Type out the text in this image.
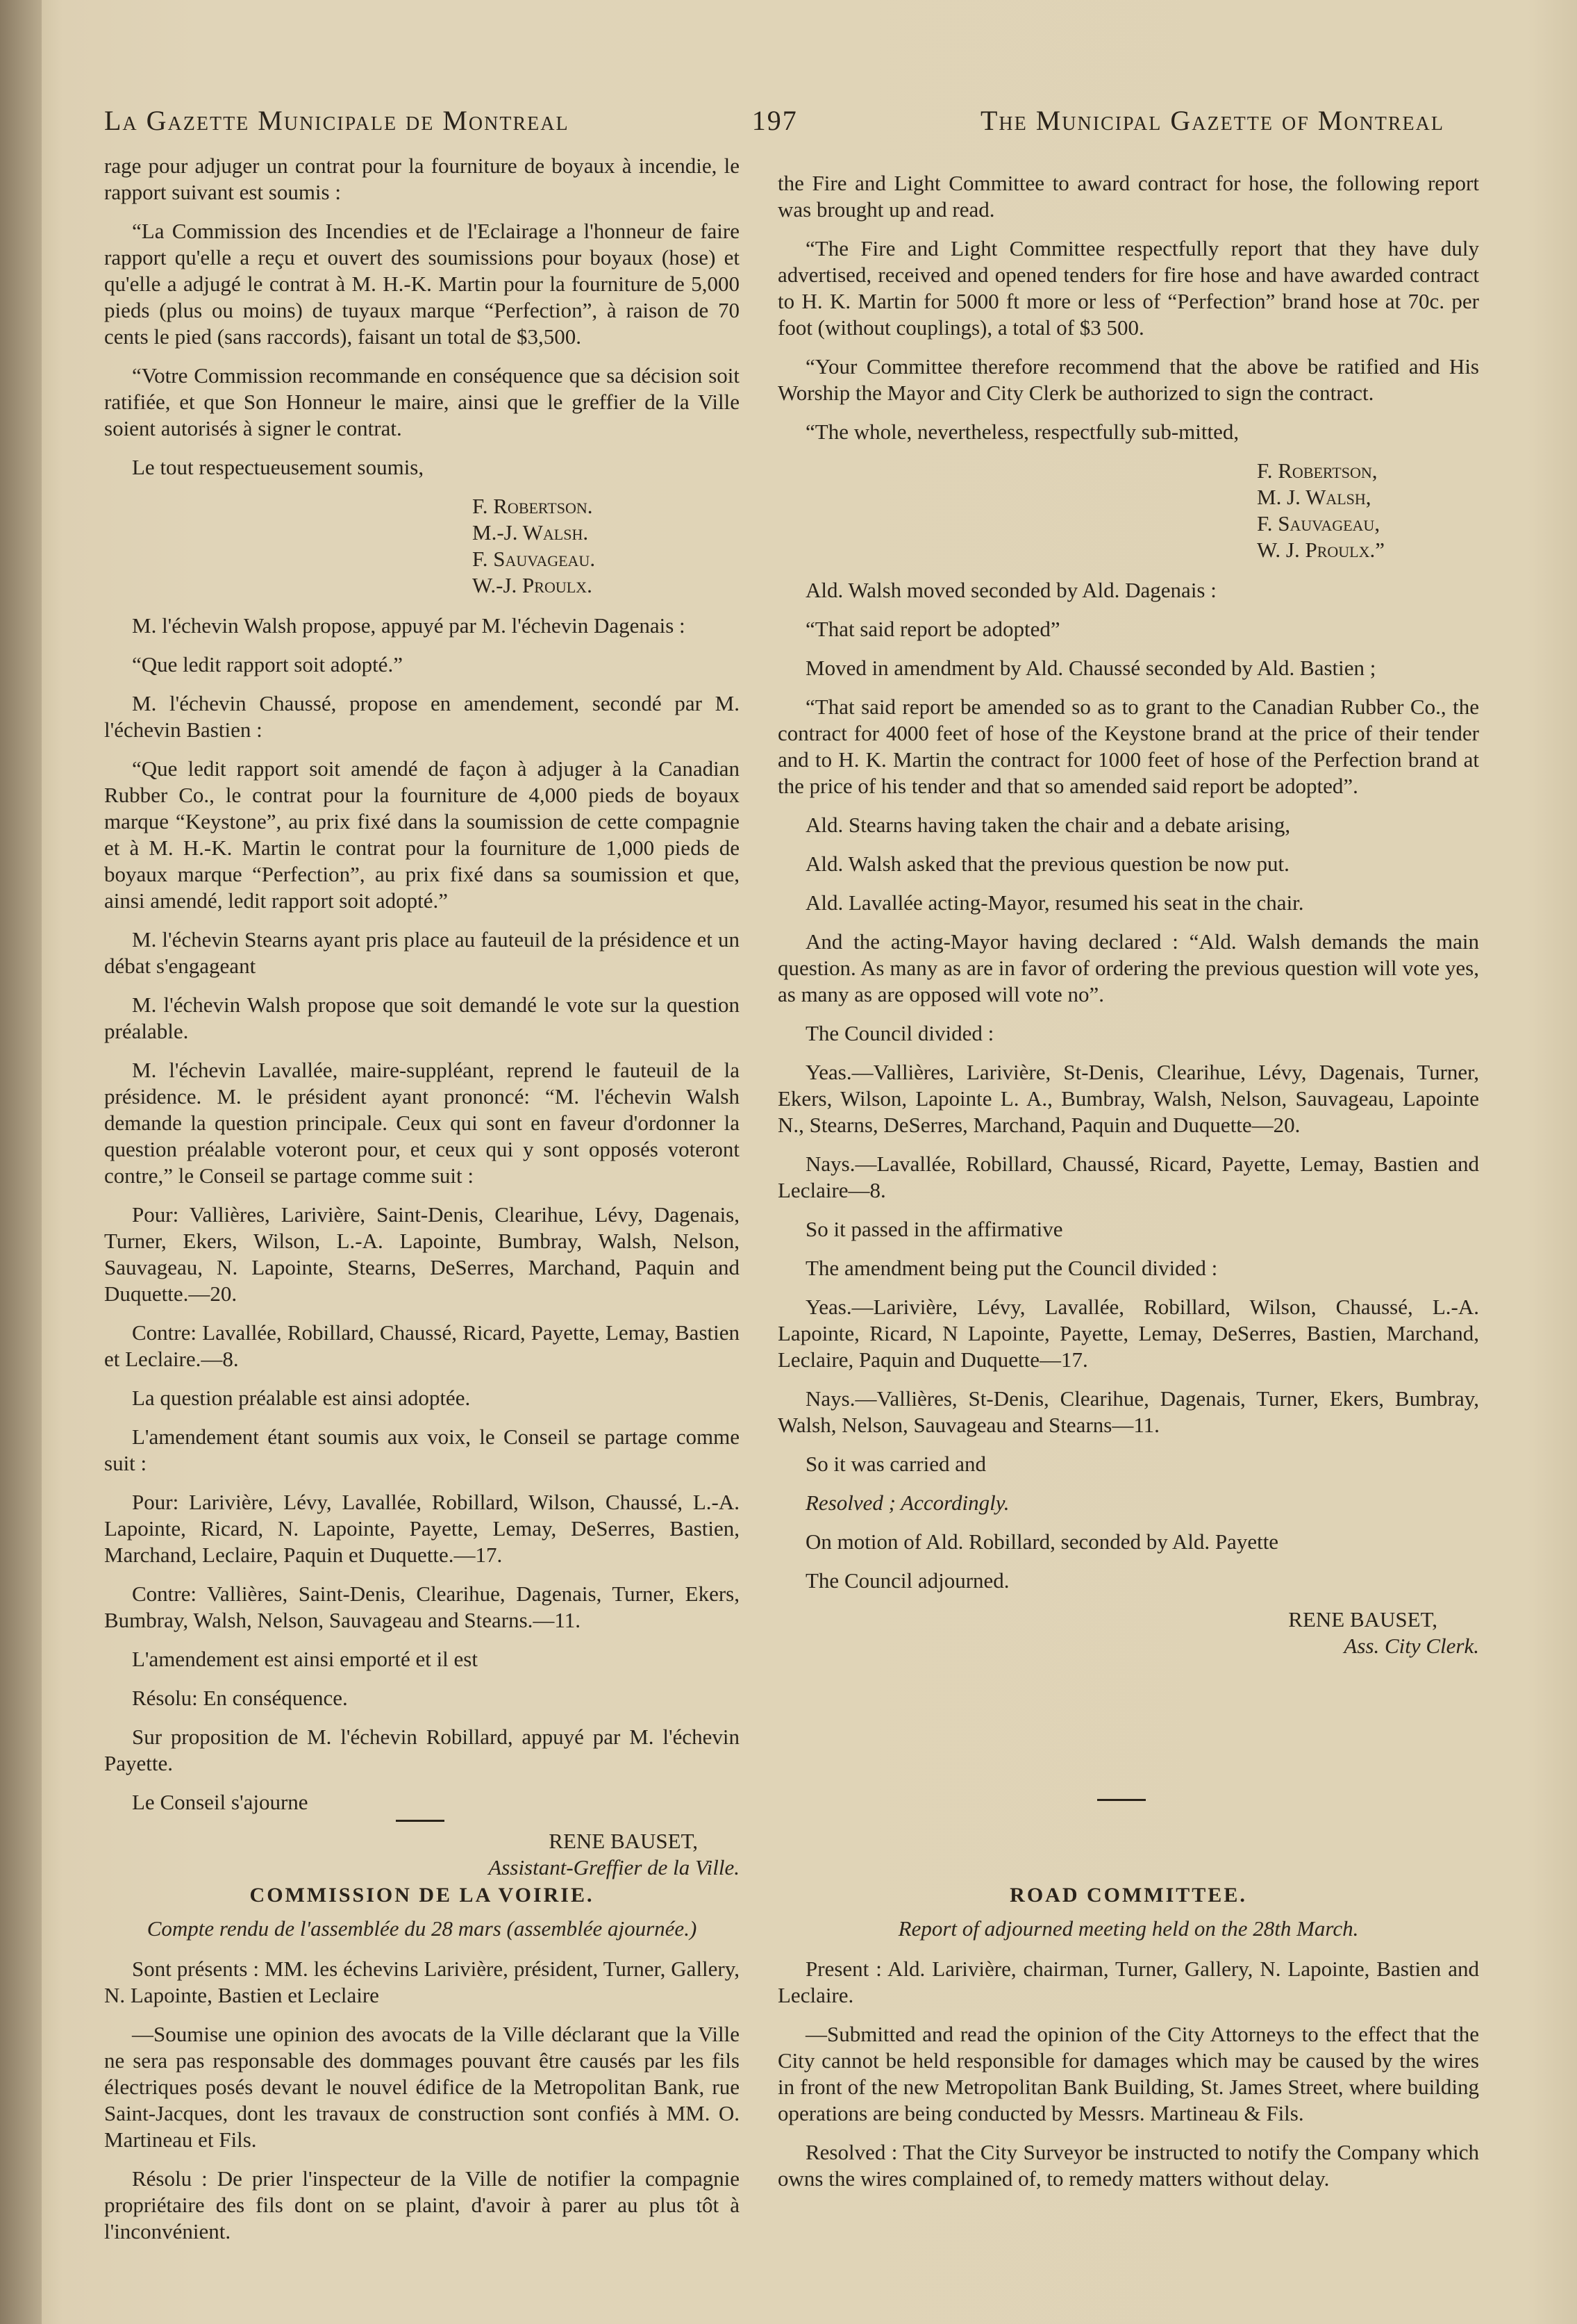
La Gazette Municipale de Montreal	197	The Municipal Gazette of Montreal

rage pour adjuger un contrat pour la fourniture de boyaux à incendie, le rapport suivant est soumis :

“La Commission des Incendies et de l'Eclairage a l'honneur de faire rapport qu'elle a reçu et ouvert des soumissions pour boyaux (hose) et qu'elle a adjugé le contrat à M. H.-K. Martin pour la fourniture de 5,000 pieds (plus ou moins) de tuyaux marque “Perfection”, à raison de 70 cents le pied (sans raccords), faisant un total de $3,500.

“Votre Commission recommande en conséquence que sa décision soit ratifiée, et que Son Honneur le maire, ainsi que le greffier de la Ville soient autorisés à signer le contrat.

Le tout respectueusement soumis,

F. Robertson.
M.-J. Walsh.
F. Sauvageau.
W.-J. Proulx.

M. l'échevin Walsh propose, appuyé par M. l'échevin Dagenais :

“Que ledit rapport soit adopté.”

M. l'échevin Chaussé, propose en amendement, secondé par M. l'échevin Bastien :

“Que ledit rapport soit amendé de façon à adjuger à la Canadian Rubber Co., le contrat pour la fourniture de 4,000 pieds de boyaux marque “Keystone”, au prix fixé dans la soumission de cette compagnie et à M. H.-K. Martin le contrat pour la fourniture de 1,000 pieds de boyaux marque “Perfection”, au prix fixé dans sa soumission et que, ainsi amendé, ledit rapport soit adopté.”

M. l'échevin Stearns ayant pris place au fauteuil de la présidence et un débat s'engageant

M. l'échevin Walsh propose que soit demandé le vote sur la question préalable.

M. l'échevin Lavallée, maire-suppléant, reprend le fauteuil de la présidence. M. le président ayant prononcé: “M. l'échevin Walsh demande la question principale. Ceux qui sont en faveur d'ordonner la question préalable voteront pour, et ceux qui y sont opposés voteront contre,” le Conseil se partage comme suit :

Pour: Vallières, Larivière, Saint-Denis, Clearihue, Lévy, Dagenais, Turner, Ekers, Wilson, L.-A. Lapointe, Bumbray, Walsh, Nelson, Sauvageau, N. Lapointe, Stearns, DeSerres, Marchand, Paquin and Duquette.—20.

Contre: Lavallée, Robillard, Chaussé, Ricard, Payette, Lemay, Bastien et Leclaire.—8.

La question préalable est ainsi adoptée.

L'amendement étant soumis aux voix, le Conseil se partage comme suit :

Pour: Larivière, Lévy, Lavallée, Robillard, Wilson, Chaussé, L.-A. Lapointe, Ricard, N. Lapointe, Payette, Lemay, DeSerres, Bastien, Marchand, Leclaire, Paquin et Duquette.—17.

Contre: Vallières, Saint-Denis, Clearihue, Dagenais, Turner, Ekers, Bumbray, Walsh, Nelson, Sauvageau and Stearns.—11.

L'amendement est ainsi emporté et il est

Résolu: En conséquence.

Sur proposition de M. l'échevin Robillard, appuyé par M. l'échevin Payette.

Le Conseil s'ajourne

RENE BAUSET,
Assistant-Greffier de la Ville.

the Fire and Light Committee to award contract for hose, the following report was brought up and read.

“The Fire and Light Committee respectfully report that they have duly advertised, received and opened tenders for fire hose and have awarded contract to H. K. Martin for 5000 ft more or less of “Perfection” brand hose at 70c. per foot (without couplings), a total of $3 500.

“Your Committee therefore recommend that the above be ratified and His Worship the Mayor and City Clerk be authorized to sign the contract.

“The whole, nevertheless, respectfully sub-mitted,

F. Robertson,
M. J. Walsh,
F. Sauvageau,
W. J. Proulx.”

Ald. Walsh moved seconded by Ald. Dagenais :

“That said report be adopted”

Moved in amendment by Ald. Chaussé seconded by Ald. Bastien ;

“That said report be amended so as to grant to the Canadian Rubber Co., the contract for 4000 feet of hose of the Keystone brand at the price of their tender and to H. K. Martin the contract for 1000 feet of hose of the Perfection brand at the price of his tender and that so amended said report be adopted”.

Ald. Stearns having taken the chair and a debate arising,

Ald. Walsh asked that the previous question be now put.

Ald. Lavallée acting-Mayor, resumed his seat in the chair.

And the acting-Mayor having declared : “Ald. Walsh demands the main question. As many as are in favor of ordering the previous question will vote yes, as many as are opposed will vote no”.

The Council divided :

Yeas.—Vallières, Larivière, St-Denis, Clearihue, Lévy, Dagenais, Turner, Ekers, Wilson, Lapointe L. A., Bumbray, Walsh, Nelson, Sauvageau, Lapointe N., Stearns, DeSerres, Marchand, Paquin and Duquette—20.

Nays.—Lavallée, Robillard, Chaussé, Ricard, Payette, Lemay, Bastien and Leclaire—8.

So it passed in the affirmative

The amendment being put the Council divided :

Yeas.—Larivière, Lévy, Lavallée, Robillard, Wilson, Chaussé, L.-A. Lapointe, Ricard, N Lapointe, Payette, Lemay, DeSerres, Bastien, Marchand, Leclaire, Paquin and Duquette—17.

Nays.—Vallières, St-Denis, Clearihue, Dagenais, Turner, Ekers, Bumbray, Walsh, Nelson, Sauvageau and Stearns—11.

So it was carried and

Resolved ; Accordingly.

On motion of Ald. Robillard, seconded by Ald. Payette

The Council adjourned.

RENE BAUSET,
Ass. City Clerk.
COMMISSION DE LA VOIRIE.
Compte rendu de l'assemblée du 28 mars (assemblée ajournée.)

Sont présents : MM. les échevins Larivière, président, Turner, Gallery, N. Lapointe, Bastien et Leclaire

—Soumise une opinion des avocats de la Ville déclarant que la Ville ne sera pas responsable des dommages pouvant être causés par les fils électriques posés devant le nouvel édifice de la Metropolitan Bank, rue Saint-Jacques, dont les travaux de construction sont confiés à MM. O. Martineau et Fils.

Résolu : De prier l'inspecteur de la Ville de notifier la compagnie propriétaire des fils dont on se plaint, d'avoir à parer au plus tôt à l'inconvénient.

ROAD COMMITTEE.
Report of adjourned meeting held on the 28th March.

Present : Ald. Larivière, chairman, Turner, Gallery, N. Lapointe, Bastien and Leclaire.

—Submitted and read the opinion of the City Attorneys to the effect that the City cannot be held responsible for damages which may be caused by the wires in front of the new Metropolitan Bank Building, St. James Street, where building operations are being conducted by Messrs. Martineau & Fils.

Resolved : That the City Surveyor be instructed to notify the Company which owns the wires complained of, to remedy matters without delay.
